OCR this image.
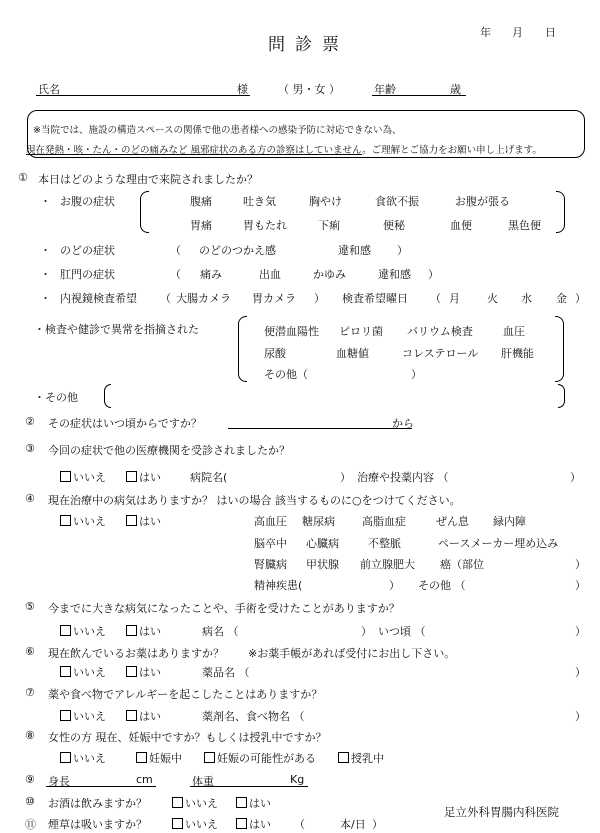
問診票
年 月 日
氏名	様	（ 男・女 ）	年齢	歳
※当院では、施設の構造スペースの関係で他の患者様への感染予防に対応できない為、
現在発熱・咳・たん・のどの痛みなど 風邪症状のある方の診察はしていません。ご理解とご協力をお願い申し上げます。
① 本日はどのような理由で来院されましたか？
・ お腹の症状	腹痛	吐き気	胸やけ	食欲不振	お腹が張る
胃痛	胃もたれ	下痢	便秘	血便	黒色便
・ のどの症状	（ のどのつかえ感	違和感 ）
・ 肛門の症状	（ 痛み	出血	かゆみ	違和感 ）
・ 内視鏡検査希望 （ 大腸カメラ 胃カメラ ） 検査希望曜日 （ 月 火 水 金 ）
・検査や健診で異常を指摘された	便潜血陽性 ピロリ菌 バリウム検査	血圧
尿酸	血糖値	コレステロール 肝機能
その他（	）
・その他
② その症状はいつ頃からですか？	から
③ 今回の症状で他の医療機関を受診されましたか？
いいえ	はい	病院名(	） 治療や投薬内容 （	）
④ 現在治療中の病気はありますか？ はいの場合 該当するものに○をつけてください。
いいえ	はい	高血圧 糖尿病 高脂血症	ぜん息 緑内障
脳卒中 心臓病	不整脈	ペースメーカー埋め込み
腎臓病 甲状腺 前立腺肥大 癌（部位	）
精神疾患(	） その他 （	）
⑤ 今までに大きな病気になったことや、手術を受けたことがありますか？
いいえ	はい	病名 （	） いつ頃 （	）
⑥ 現在飲んでいるお薬はありますか？ ※お薬手帳があれば受付にお出し下さい。
いいえ	はい	薬品名 （	）
⑦ 薬や食べ物でアレルギーを起こしたことはありますか？
いいえ	はい	薬剤名、食べ物名 （	）
⑧ 女性の方 現在、妊娠中ですか？もしくは授乳中ですか？
いいえ	妊娠中	妊娠の可能性がある	授乳中
⑨ 身長	cm	体重	Kg
⑩ お酒は飲みますか？	いいえ	はい
⑪ 煙草は吸いますか？	いいえ	はい （	本/日 ）
足立外科胃腸内科医院
